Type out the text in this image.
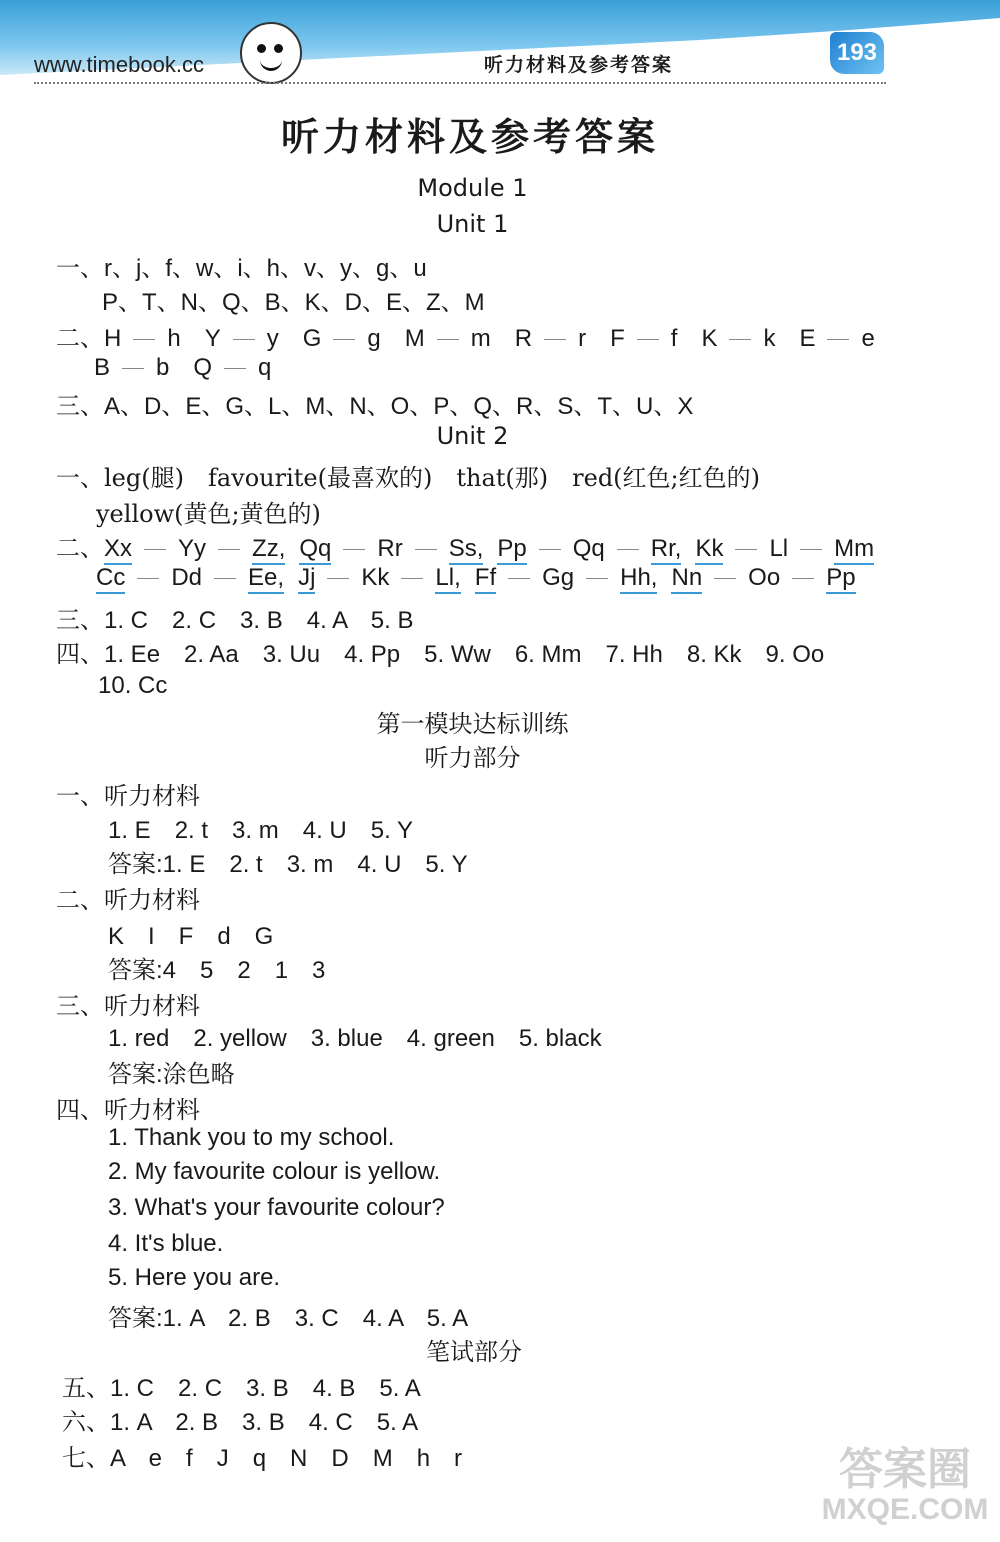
www.timebook.cc	听力材料及参考答案	193
听力材料及参考答案
Module 1
Unit 1
一、r、j、f、w、i、h、v、y、g、u
P、T、N、Q、B、K、D、E、Z、M
二、H h Y y G g M m R r F f K k E e
B b Q q
三、A、D、E、G、L、M、N、O、P、Q、R、S、T、U、X
Unit 2
一、leg(腿) favourite(最喜欢的) that(那) red(红色;红色的)
yellow(黄色;黄色的)
二、Xx Yy Zz, Qq Rr Ss, Pp Qq Rr, Kk Ll Mm
Cc Dd Ee, Jj Kk Ll, Ff Gg Hh, Nn Oo Pp
三、1. C　2. C　3. B　4. A　5. B
四、1. Ee　2. Aa　3. Uu　4. Pp　5. Ww　6. Mm　7. Hh　8. Kk　9. Oo
10. Cc
第一模块达标训练
听力部分
一、听力材料
1. E　2. t　3. m　4. U　5. Y
答案:1. E　2. t　3. m　4. U　5. Y
二、听力材料
K　I　F　d　G
答案:4　5　2　1　3
三、听力材料
1. red　2. yellow　3. blue　4. green　5. black
答案:涂色略
四、听力材料
1. Thank you to my school.
2. My favourite colour is yellow.
3. What's your favourite colour?
4. It's blue.
5. Here you are.
答案:1. A　2. B　3. C　4. A　5. A
笔试部分
五、1. C　2. C　3. B　4. B　5. A
六、1. A　2. B　3. B　4. C　5. A
七、A　e　f　J　q　N　D　M　h　r	答案圈
MXQE.COM
